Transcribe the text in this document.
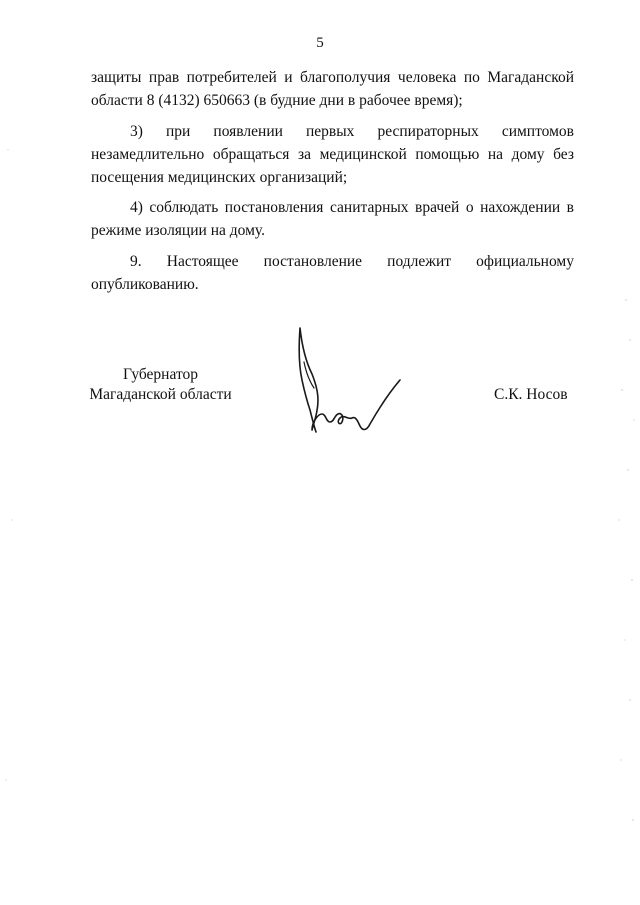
5
защиты прав потребителей и благополучия человека по Магаданской
области 8 (4132) 650663 (в будние дни в рабочее время);
3) при появлении первых респираторных симптомов
незамедлительно обращаться за медицинской помощью на дому без
посещения медицинских организаций;
4) соблюдать постановления санитарных врачей о нахождении в
режиме изоляции на дому.
9. Настоящее постановление подлежит официальному
опубликованию.
Губернатор
Магаданской области	С.К. Носов
